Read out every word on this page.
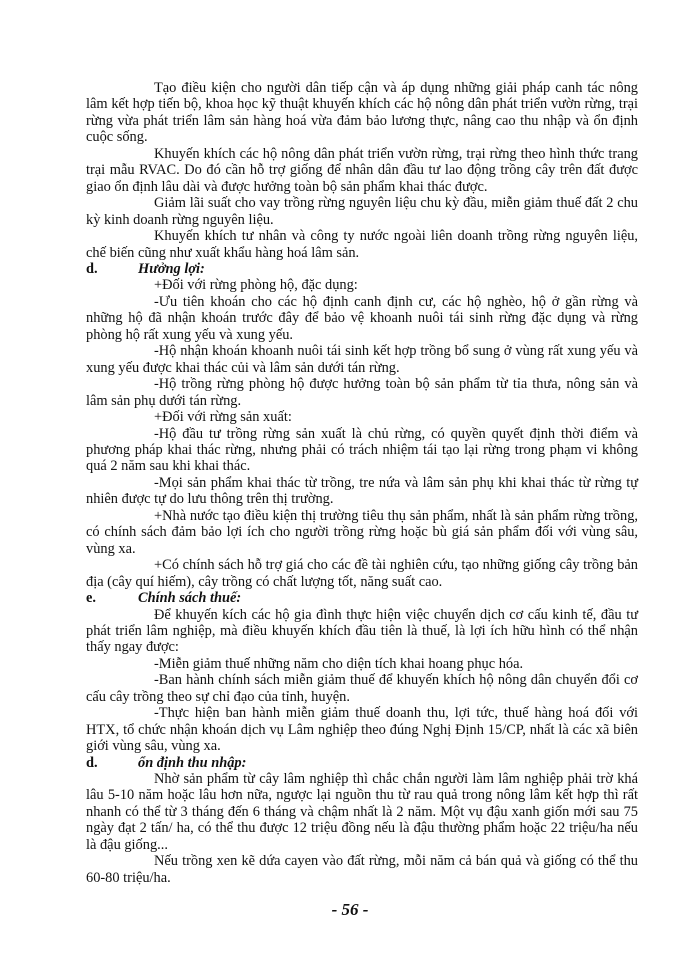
Tạo điều kiện cho người dân tiếp cận và áp dụng những giải pháp canh tác nông lâm kết hợp tiến bộ, khoa học kỹ thuật khuyến khích các hộ nông dân phát triển vườn rừng, trại rừng vừa phát triển lâm sản hàng hoá vừa đảm bảo lương thực, nâng cao thu nhập và ổn định cuộc sống.

Khuyến khích các hộ nông dân phát triển vườn rừng, trại rừng theo hình thức trang trại mẫu RVAC. Do đó cần hỗ trợ giống để nhân dân đầu tư lao động trồng cây trên đất được giao ổn định lâu dài và được hưởng toàn bộ sản phẩm khai thác được.

Giảm lãi suất cho vay trồng rừng nguyên liệu chu kỳ đầu, miễn giảm thuế đất 2 chu kỳ kinh doanh rừng nguyên liệu.

Khuyến khích tư nhân và công ty nước ngoài liên doanh trồng rừng nguyên liệu, chế biến cũng như xuất khẩu hàng hoá lâm sản.

d.	Hưởng lợi:

+Đối với rừng phòng hộ, đặc dụng:

-Ưu tiên khoán cho các hộ định canh định cư, các hộ nghèo, hộ ở gần rừng và những hộ đã nhận khoán trước đây để bảo vệ khoanh nuôi tái sinh rừng đặc dụng và rừng phòng hộ rất xung yếu và xung yếu.

-Hộ nhận khoán khoanh nuôi tái sinh kết hợp trồng bổ sung ở vùng rất xung yếu và xung yếu được khai thác củi và lâm sản dưới tán rừng.

-Hộ trồng rừng phòng hộ được hưởng toàn bộ sản phẩm từ tỉa thưa, nông sản và lâm sản phụ dưới tán rừng.

+Đối với rừng sản xuất:

-Hộ đầu tư trồng rừng sản xuất là chủ rừng, có quyền quyết định thời điểm và phương pháp khai thác rừng, nhưng phải có trách nhiệm tái tạo lại rừng trong phạm vi không quá 2 năm sau khi khai thác.

-Mọi sản phẩm khai thác từ trồng, tre nứa và lâm sản phụ khi khai thác từ rừng tự nhiên được tự do lưu thông trên thị trường.

+Nhà nước tạo điều kiện thị trường tiêu thụ sản phẩm, nhất là sản phẩm rừng trồng, có chính sách đảm bảo lợi ích cho người trồng rừng hoặc bù giá sản phẩm đối với vùng sâu, vùng xa.

+Có chính sách hỗ trợ giá cho các đề tài nghiên cứu, tạo những giống cây trồng bản địa (cây quí hiếm), cây trồng có chất lượng tốt, năng suất cao.

e.	Chính sách thuế:

Để khuyến kích các hộ gia đình thực hiện việc chuyển dịch cơ cấu kinh tế, đầu tư phát triển lâm nghiệp, mà điều khuyến khích đầu tiên là thuế, là lợi ích hữu hình có thể nhận thấy ngay được:

-Miễn giảm thuế những năm cho diện tích khai hoang phục hóa.

-Ban hành chính sách miễn giảm thuế để khuyến khích hộ nông dân chuyển đổi cơ cấu cây trồng theo sự chỉ đạo của tỉnh, huyện.

-Thực hiện ban hành miễn giảm thuế doanh thu, lợi tức, thuế hàng hoá đối với HTX, tổ chức nhận khoán dịch vụ Lâm nghiệp theo đúng Nghị Định 15/CP, nhất là các xã biên giới vùng sâu, vùng xa.

d.	ổn định thu nhập:

Nhờ sản phẩm từ cây lâm nghiệp thì chắc chắn người làm lâm nghiệp phải trờ khá lâu 5-10 năm hoặc lâu hơn nữa, ngược lại nguồn thu từ rau quả trong nông lâm kết hợp thì rất nhanh có thể từ 3 tháng đến 6 tháng và chậm nhất là 2 năm. Một vụ đậu xanh giốn mới sau 75 ngày đạt 2 tấn/ ha, có thể thu được 12 triệu đồng nếu là đậu thường phẩm hoặc 22 triệu/ha nếu là đậu giống...

Nếu trồng xen kẽ dứa cayen vào đất rừng, mỗi năm cả bán quả và giống có thể thu 60-80 triệu/ha.

- 56 -
